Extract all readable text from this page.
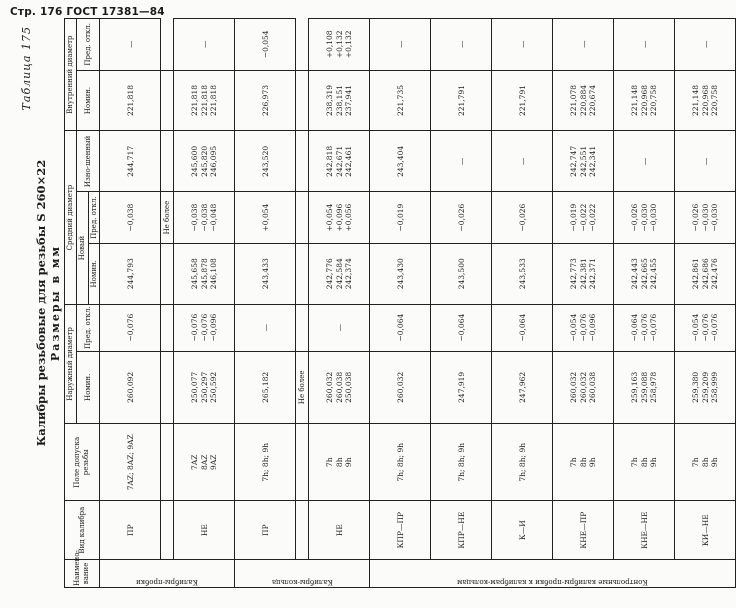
Стр. 176 ГОСТ 17381—84
Таблица 175
Калибры резьбовые для резьбы S 260×22 Размеры в мм
Наимено-вание	Вид калибра	Поле допуска резьбы	Наружный диаметр		Средний диаметр			Внутренний диаметр	
			Номин.	Пред. откл.	Новый		Изно-шенный	Номин.	Пред. откл.
					Номин.	Пред. откл.			

Калибры-пробки	ПР	7AZ; 8AZ; 9AZ	260,092	−0,076	244,793	−0,038	244,717	221,818	—
						Не более			
	НЕ	7AZ 8AZ 9AZ	250,077 250,297 250,592	−0,076 −0,076 −0,096	245,658 245,878 246,108	−0,038 −0,038 −0,048	245,600 245,820 246,095	221,818 221,818 221,818	—

Калибры-кольца	ПР	7h; 8h; 9h	265,182	—	243,433	+0,054	243,520	226,973	−0,054

			Не более						
	НЕ	7h 8h 9h	260,032 260,038 250,038	—	242,776 242,584 242,374	+0,054 +0,096 +0,056	242,818 242,671 242,461	238,319 238,151 237,941	+0,108 +0,132 +0,132

Контрольные калибры-пробки к калибрам-кольцам	КПР—ПР	7h; 8h; 9h	260,032	−0,064	243,430	−0,019	243,404	221,735	—
	КПР—НЕ	7h; 8h; 9h	247,919	−0,064	243,500	−0,026	—	221,791	—
	К—И	7h; 8h; 9h	247,962	−0,064	243,533	−0,026	—	221,791	—
	КНЕ—ПР	7h 8h 9h	260,032 260,032 260,038	−0,054 −0,076 −0,096	242,773 242,381 242,371	−0,019 −0,022 −0,022	242,747 242,551 242,341	221,078 220,884 220,674	—
	КНЕ—НЕ	7h 8h 9h	259,163 259,088 258,978	−0,064 −0,076 −0,076	242,443 242,665 242,455	−0,026 −0,030 −0,030	—	221,148 220,968 220,758	—
	КИ—НЕ	7h 8h 9h	259,380 259,209 258,999	−0,054 −0,076 −0,076	242,861 242,686 242,476	−0,026 −0,030 −0,030	—	221,148 220,968 220,758	—
